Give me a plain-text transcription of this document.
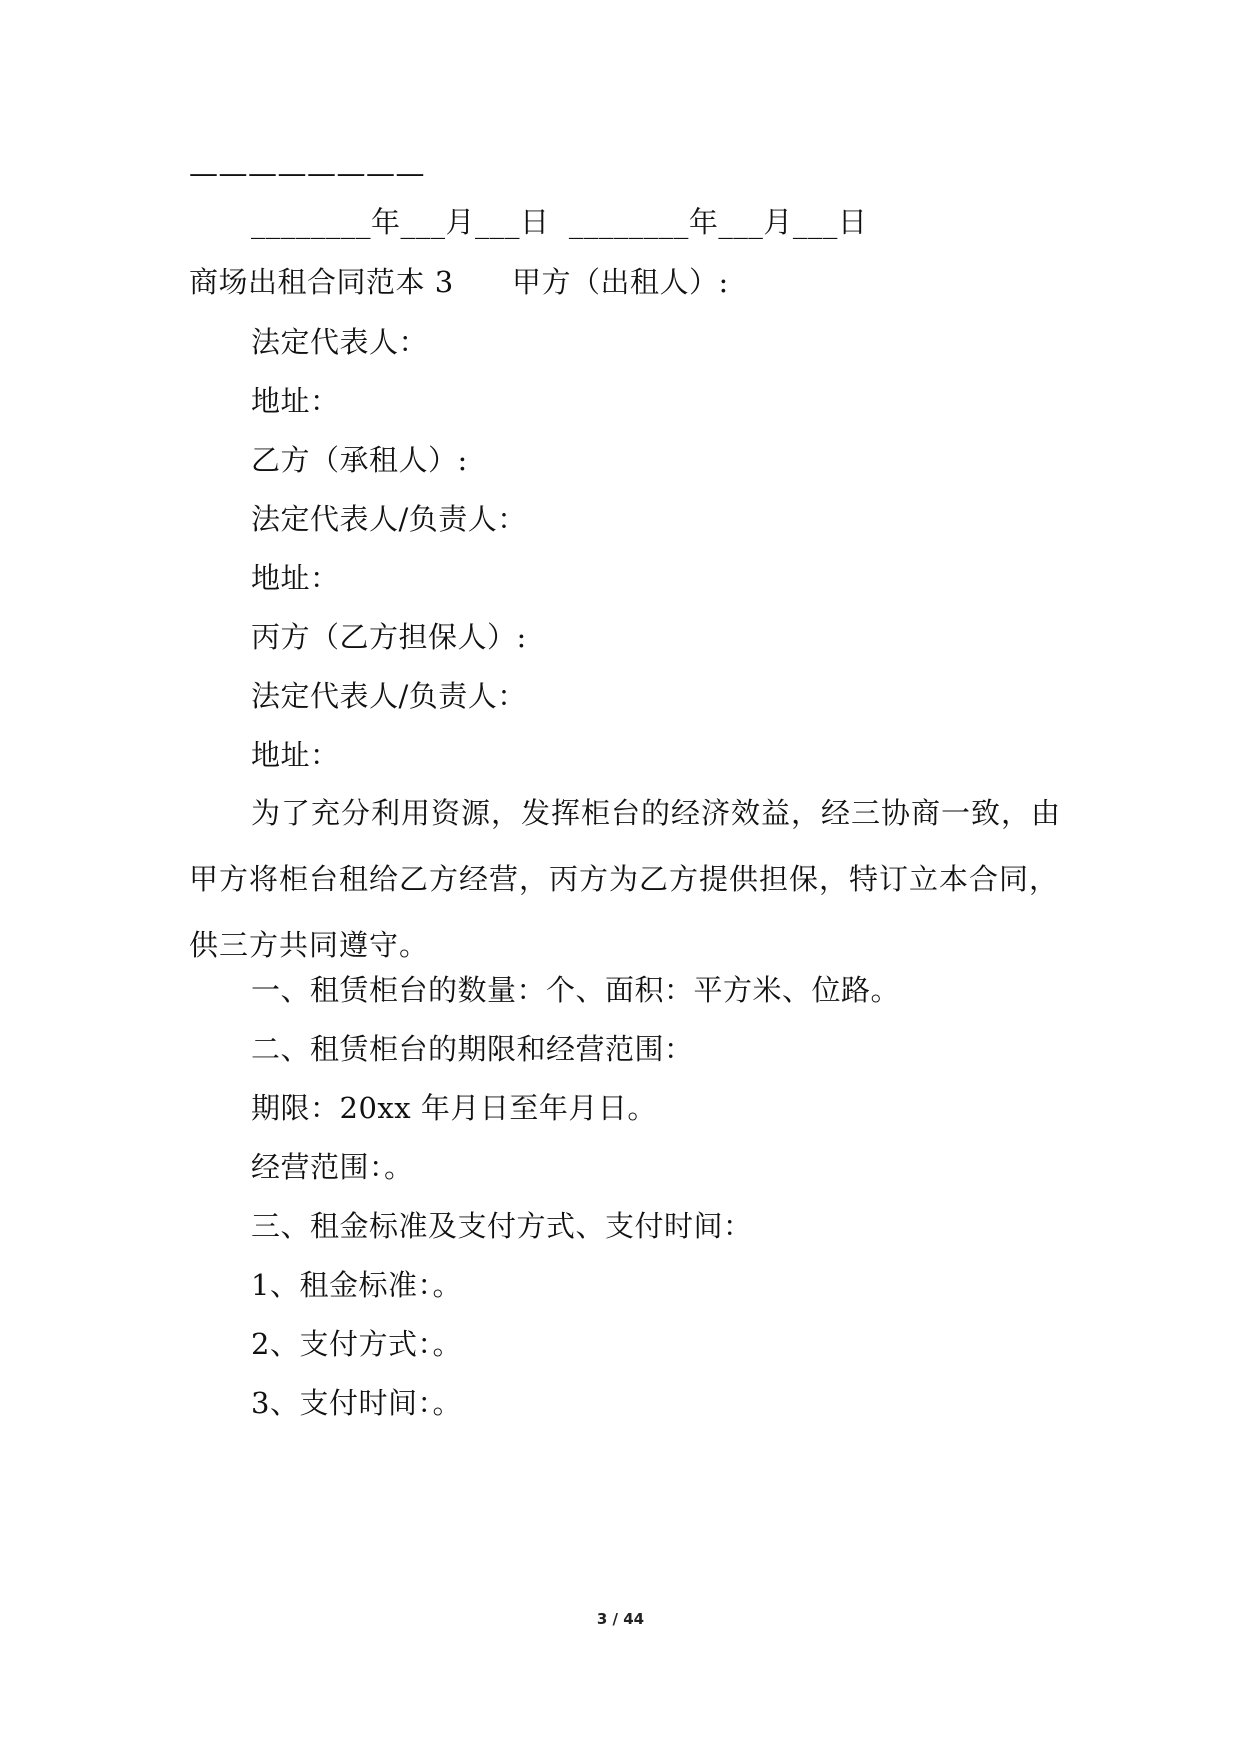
————————
________年___月___日  ________年___月___日
商场出租合同范本 3      甲方（出租人）:
法定代表人：
地址：
乙方（承租人）:
法定代表人/负责人：
地址：
丙方（乙方担保人）:
法定代表人/负责人：
地址：
为了充分利用资源，发挥柜台的经济效益，经三协商一致，由甲方将柜台租给乙方经营，丙方为乙方提供担保，特订立本合同，供三方共同遵守。
一、租赁柜台的数量：个、面积：平方米、位路。
二、租赁柜台的期限和经营范围：
期限：20xx 年月日至年月日。
经营范围：。
三、租金标准及支付方式、支付时间：
1、租金标准：。
2、支付方式：。
3、支付时间：。
3 / 44
